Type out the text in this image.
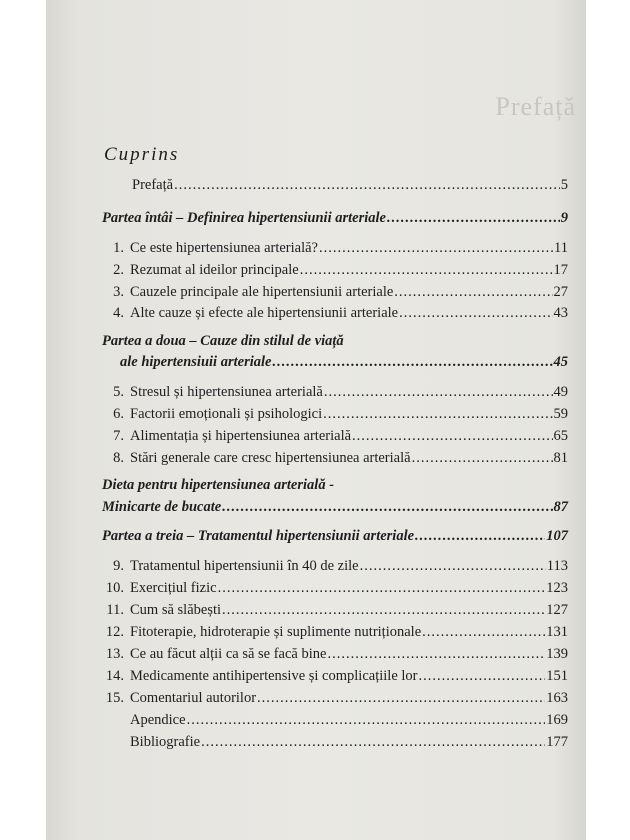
Prefață
Cuprins
Prefață .....	5
Partea întâi – Definirea hipertensiunii arteriale .....	9
1. Ce este hipertensiunea arterială? .....	11
2. Rezumat al ideilor principale .....	17
3. Cauzele principale ale hipertensiunii arteriale .....	27
4. Alte cauze și efecte ale hipertensiunii arteriale .....	43
Partea a doua – Cauze din stilul de viață
ale hipertensiuii arteriale .....	45
5. Stresul și hipertensiunea arterială .....	49
6. Factorii emoționali și psihologici .....	59
7. Alimentația și hipertensiunea arterială .....	65
8. Stări generale care cresc hipertensiunea arterială .....	81
Dieta pentru hipertensiunea arterială -
Minicarte de bucate .....	87
Partea a treia – Tratamentul hipertensiunii arteriale .....	107
9. Tratamentul hipertensiunii în 40 de zile .....	113
10. Exercițiul fizic .....	123
11. Cum să slăbești .....	127
12. Fitoterapie, hidroterapie și suplimente nutriționale .....	131
13. Ce au făcut alții ca să se facă bine .....	139
14. Medicamente antihipertensive și complicațiile lor .....	151
15. Comentariul autorilor .....	163
Apendice .....	169
Bibliografie .....	177
